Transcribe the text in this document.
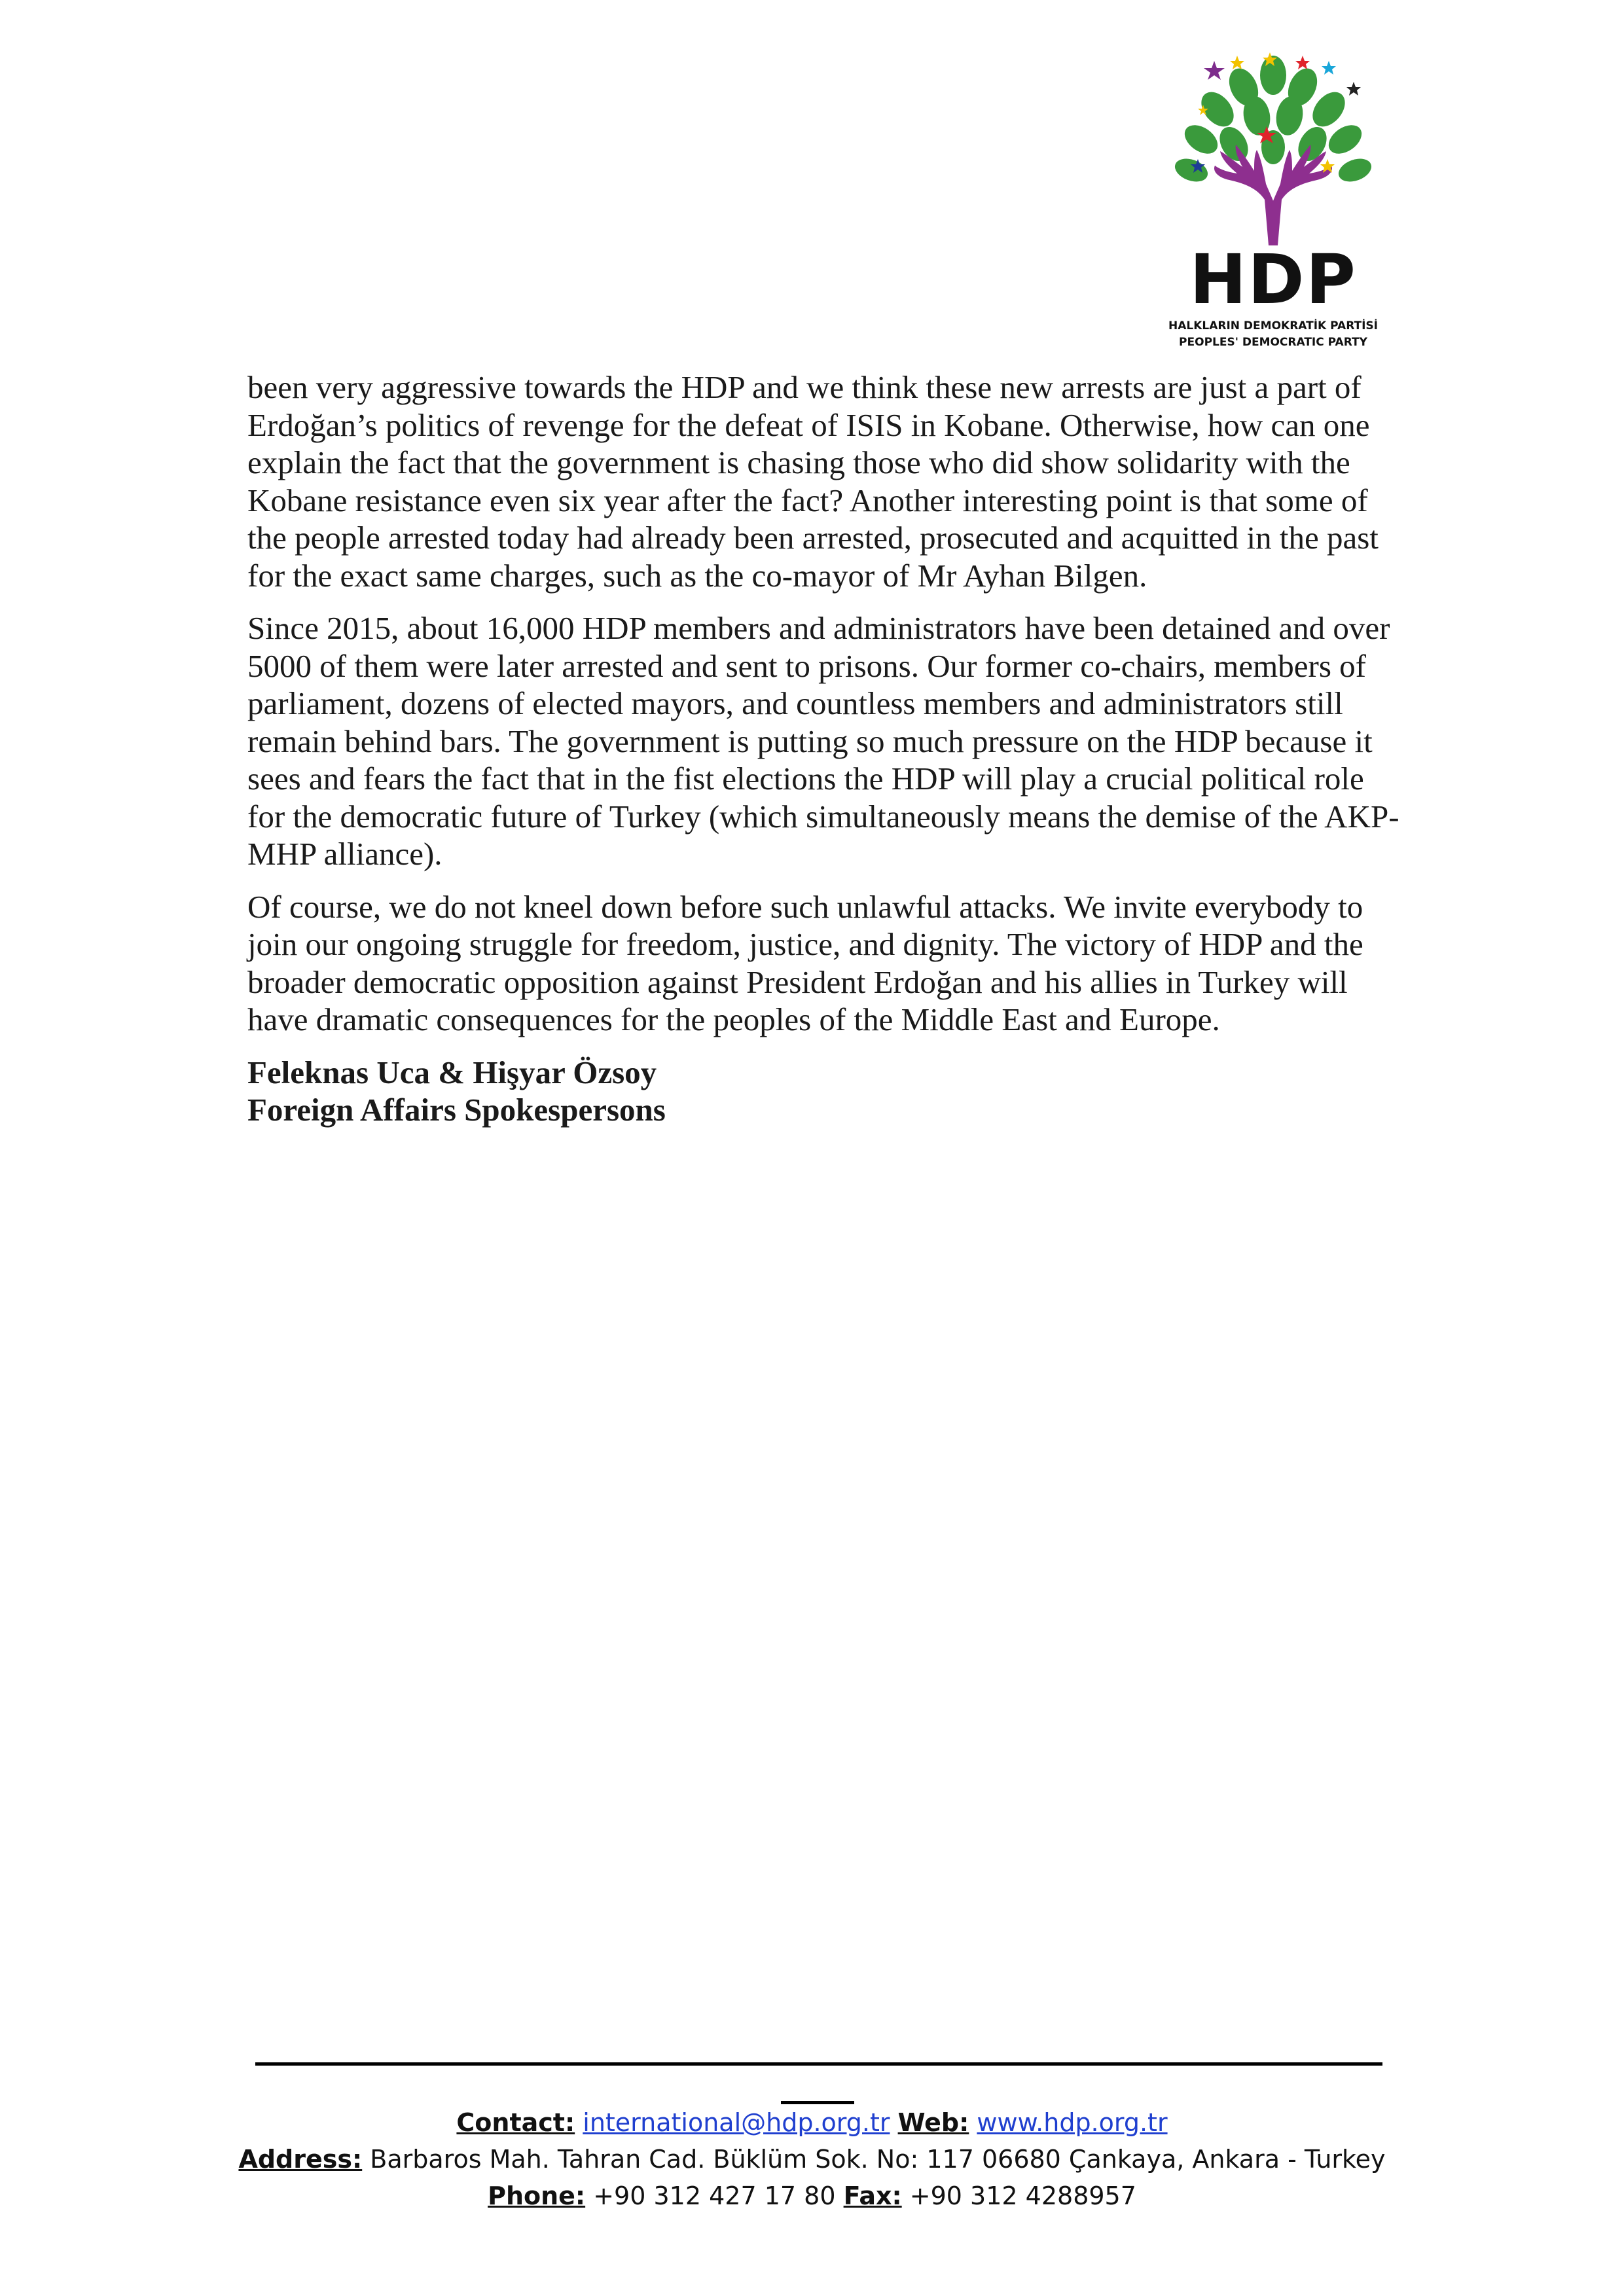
HDP
HALKLARIN DEMOKRATİK PARTİSİ
PEOPLES' DEMOCRATIC PARTY

been very aggressive towards the HDP and we think these new arrests are just a part of Erdoğan’s politics of revenge for the defeat of ISIS in Kobane. Otherwise, how can one explain the fact that the government is chasing those who did show solidarity with the Kobane resistance even six year after the fact? Another interesting point is that some of the people arrested today had already been arrested, prosecuted and acquitted in the past for the exact same charges, such as the co-mayor of Mr Ayhan Bilgen.

Since 2015, about 16,000 HDP members and administrators have been detained and over 5000 of them were later arrested and sent to prisons. Our former co-chairs, members of parliament, dozens of elected mayors, and countless members and administrators still remain behind bars. The government is putting so much pressure on the HDP because it sees and fears the fact that in the fist elections the HDP will play a crucial political role for the democratic future of Turkey (which simultaneously means the demise of the AKP-MHP alliance).

Of course, we do not kneel down before such unlawful attacks. We invite everybody to join our ongoing struggle for freedom, justice, and dignity. The victory of HDP and the broader democratic opposition against President Erdoğan and his allies in Turkey will have dramatic consequences for the peoples of the Middle East and Europe.

Feleknas Uca & Hişyar Özsoy
Foreign Affairs Spokespersons
Contact: international@hdp.org.tr Web: www.hdp.org.tr
Address: Barbaros Mah. Tahran Cad. Büklüm Sok. No: 117 06680 Çankaya, Ankara - Turkey
Phone: +90 312 427 17 80 Fax: +90 312 4288957
